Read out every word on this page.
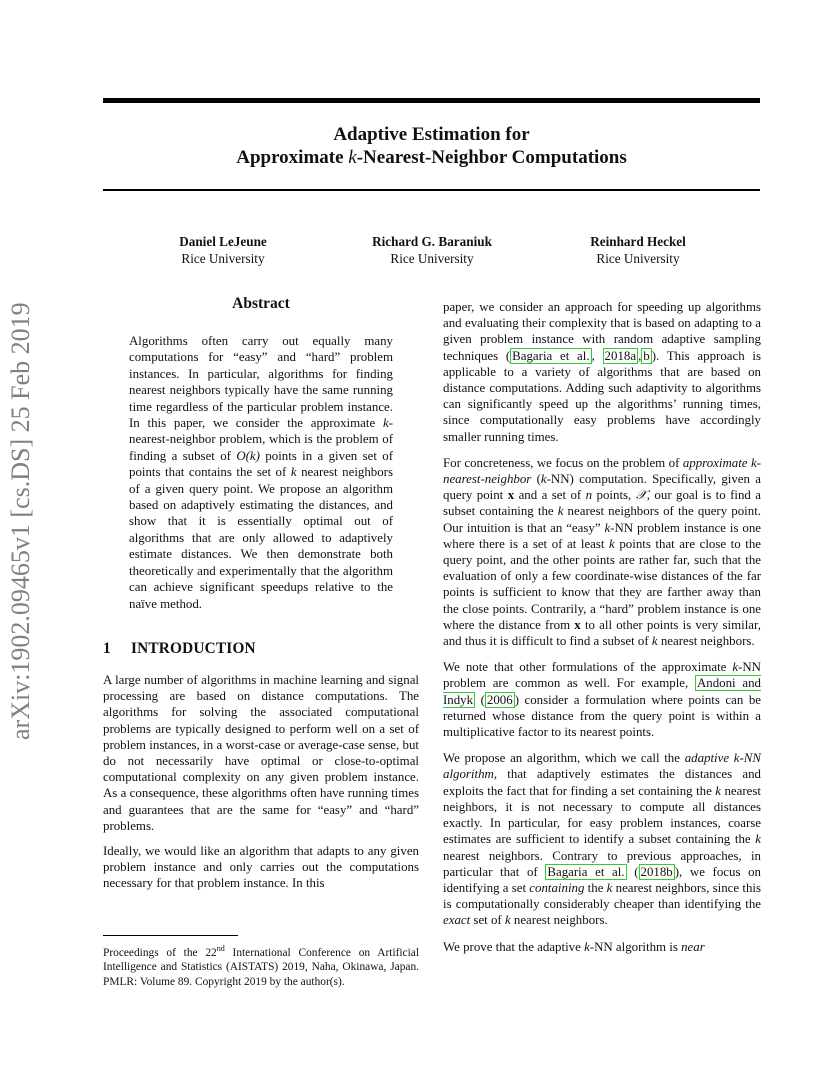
Adaptive Estimation for
Approximate k-Nearest-Neighbor Computations
Daniel LeJeune
Rice University
Richard G. Baraniuk
Rice University
Reinhard Heckel
Rice University
arXiv:1902.09465v1 [cs.DS] 25 Feb 2019	Abstract
Algorithms often carry out equally many computations for “easy” and “hard” problem instances. In particular, algorithms for finding nearest neighbors typically have the same running time regardless of the particular problem instance. In this paper, we consider the approximate k-nearest-neighbor problem, which is the problem of finding a subset of O(k) points in a given set of points that contains the set of k nearest neighbors of a given query point. We propose an algorithm based on adaptively estimating the distances, and show that it is essentially optimal out of algorithms that are only allowed to adaptively estimate distances. We then demonstrate both theoretically and experimentally that the algorithm can achieve significant speedups relative to the naïve method.
1 INTRODUCTION

A large number of algorithms in machine learning and signal processing are based on distance computations. The algorithms for solving the associated computational problems are typically designed to perform well on a set of problem instances, in a worst-case or average-case sense, but do not necessarily have optimal or close-to-optimal computational complexity on any given problem instance. As a consequence, these algorithms often have running times and guarantees that are the same for “easy” and “hard” problems.

Ideally, we would like an algorithm that adapts to any given problem instance and only carries out the computations necessary for that problem instance. In this

Proceedings of the 22nd International Conference on Artificial Intelligence and Statistics (AISTATS) 2019, Naha, Okinawa, Japan. PMLR: Volume 89. Copyright 2019 by the author(s).

paper, we consider an approach for speeding up algorithms and evaluating their complexity that is based on adapting to a given problem instance with random adaptive sampling techniques ( Bagaria et al. , 2018a , b ). This approach is applicable to a variety of algorithms that are based on distance computations. Adding such adaptivity to algorithms can significantly speed up the algorithms’ running times, since computationally easy problems have accordingly smaller running times.

For concreteness, we focus on the problem of approximate k-nearest-neighbor (k-NN) computation. Specifically, given a query point x and a set of n points, 𝒳, our goal is to find a subset containing the k nearest neighbors of the query point. Our intuition is that an “easy” k-NN problem instance is one where there is a set of at least k points that are close to the query point, and the other points are rather far, such that the evaluation of only a few coordinate-wise distances of the far points is sufficient to know that they are farther away than the close points. Contrarily, a “hard” problem instance is one where the distance from x to all other points is very similar, and thus it is difficult to find a subset of k nearest neighbors.

We note that other formulations of the approximate k-NN problem are common as well. For example, Andoni and Indyk ( 2006 ) consider a formulation where points can be returned whose distance from the query point is within a multiplicative factor to its nearest points.

We propose an algorithm, which we call the adaptive k-NN algorithm, that adaptively estimates the distances and exploits the fact that for finding a set containing the k nearest neighbors, it is not necessary to compute all distances exactly. In particular, for easy problem instances, coarse estimates are sufficient to identify a subset containing the k nearest neighbors. Contrary to previous approaches, in particular that of Bagaria et al. ( 2018b ), we focus on identifying a set containing the k nearest neighbors, since this is computationally considerably cheaper than identifying the exact set of k nearest neighbors.

We prove that the adaptive k-NN algorithm is near
